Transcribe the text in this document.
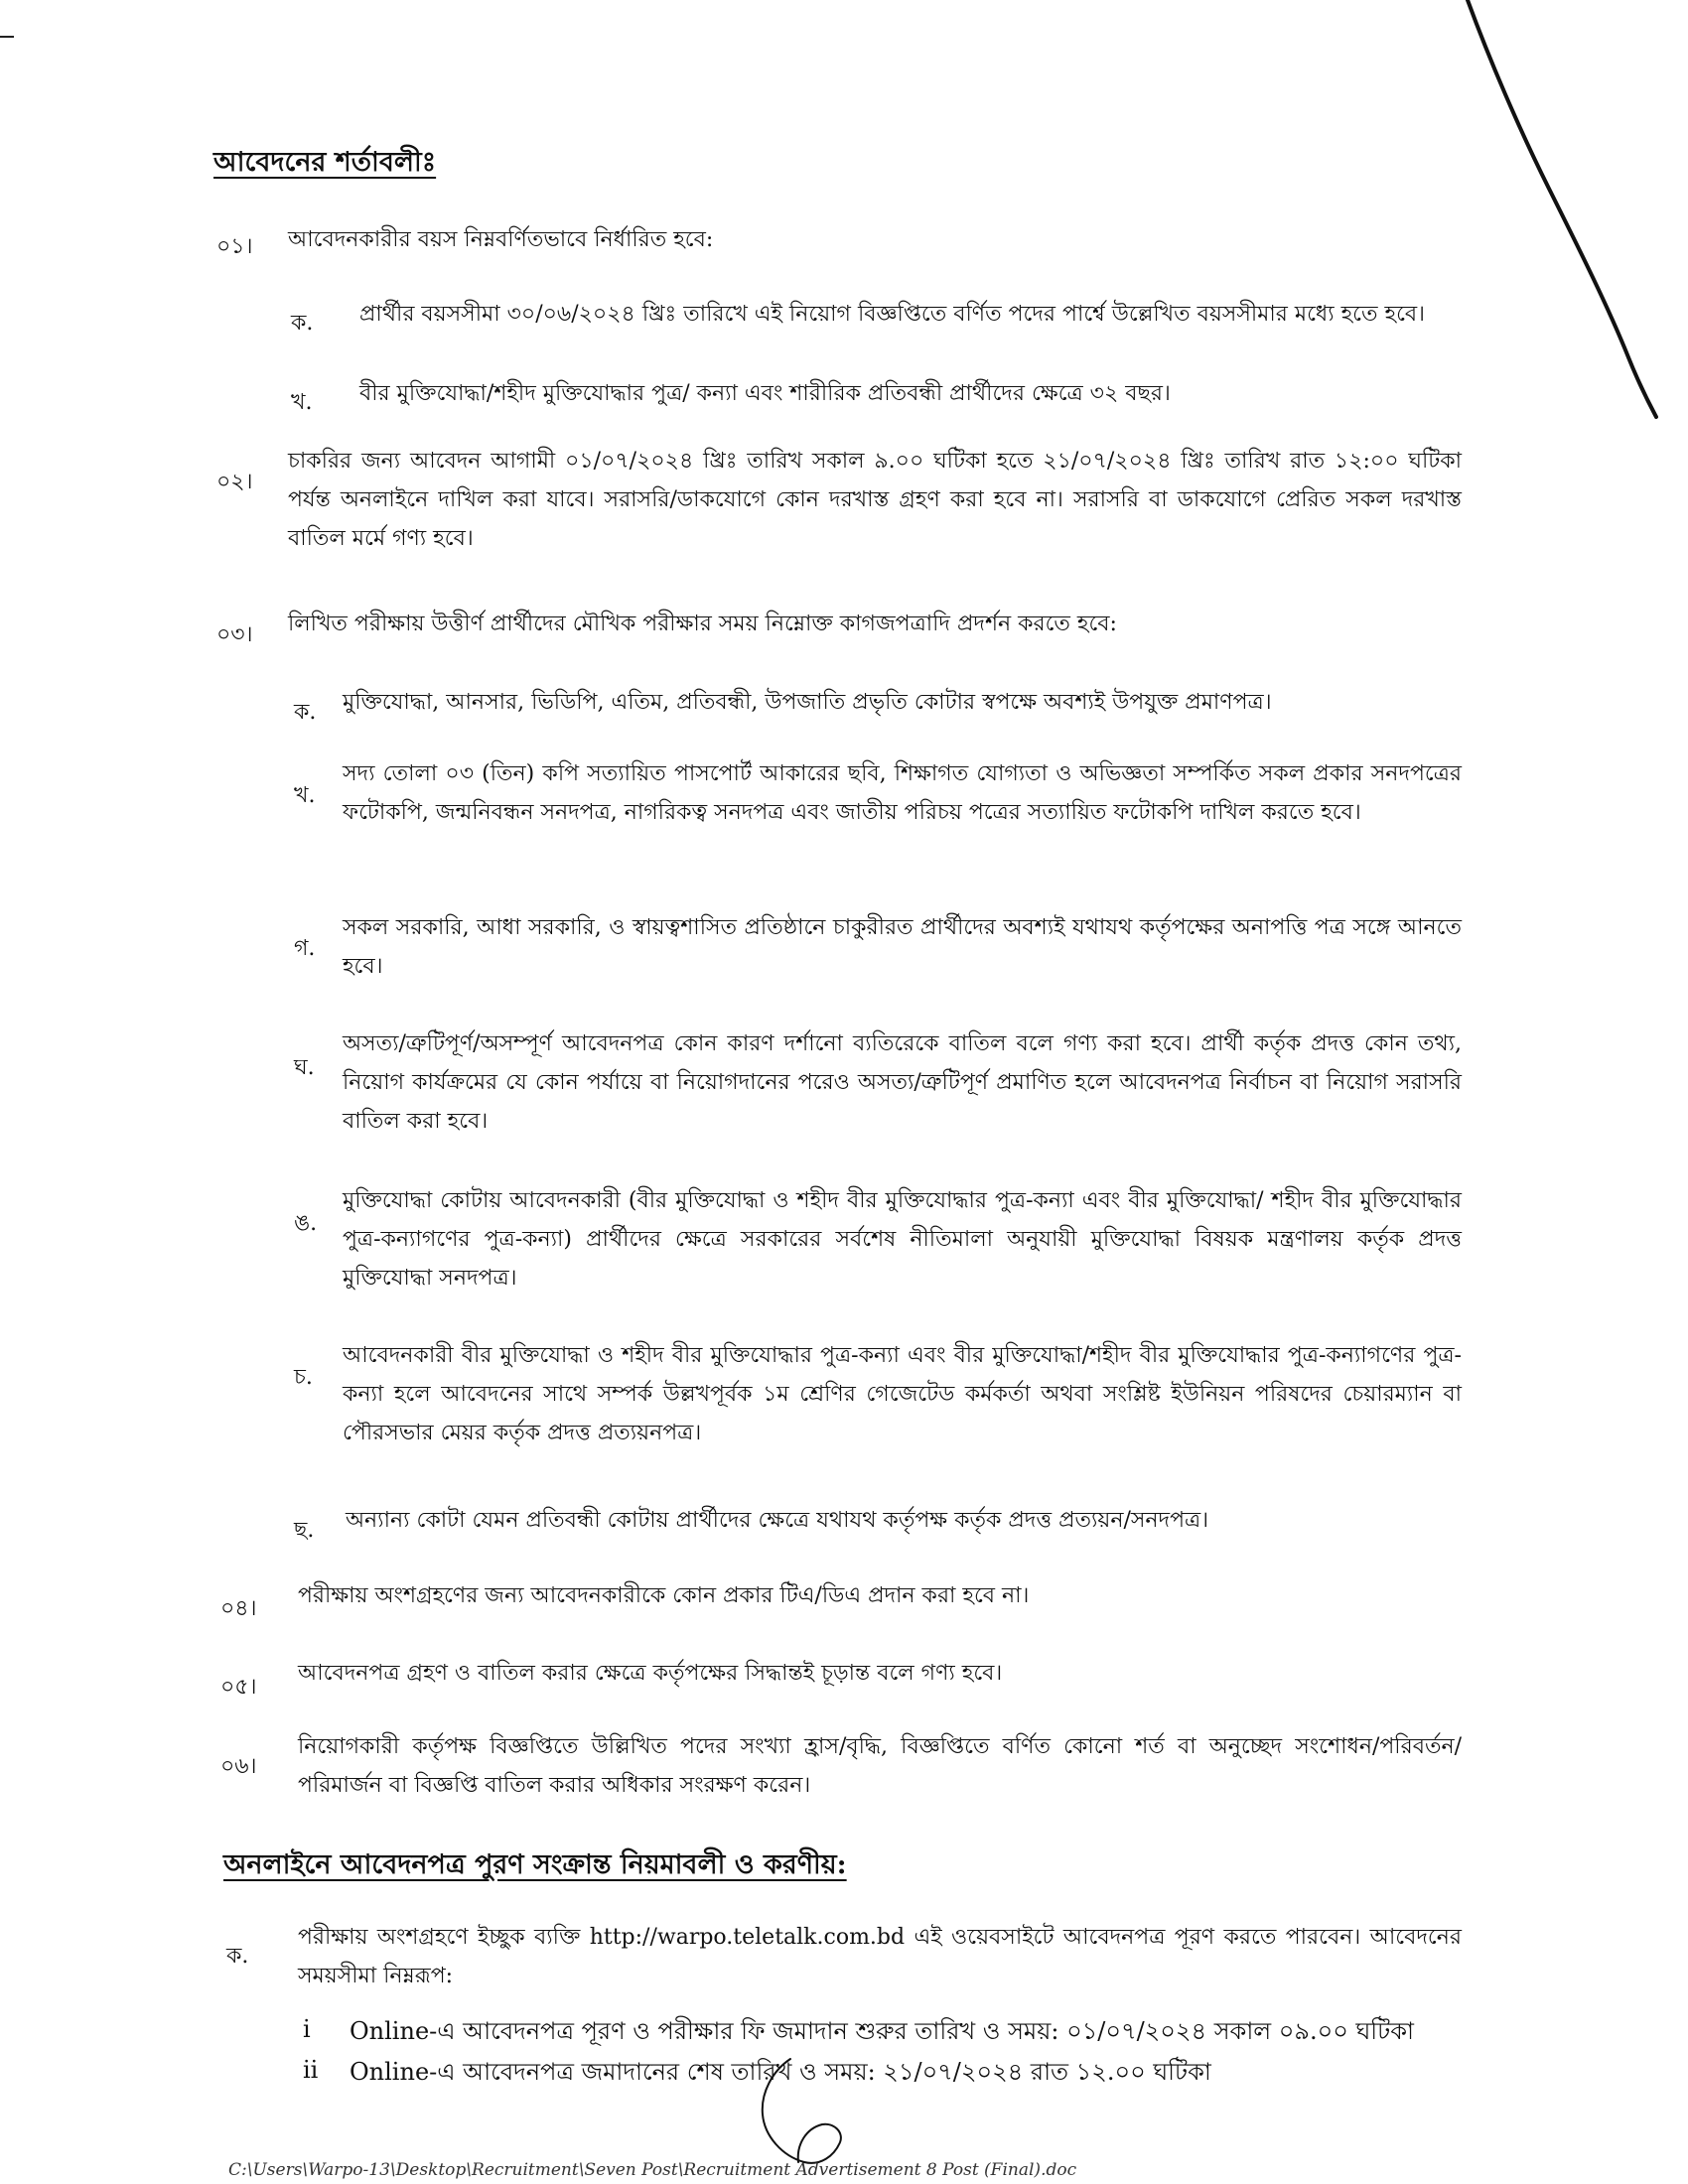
আবেদনের শর্তাবলীঃ
০১। আবেদনকারীর বয়স নিম্নবর্ণিতভাবে নির্ধারিত হবে:
ক. প্রার্থীর বয়সসীমা ৩০/০৬/২০২৪ খ্রিঃ তারিখে এই নিয়োগ বিজ্ঞপ্তিতে বর্ণিত পদের পার্শ্বে উল্লেখিত বয়সসীমার মধ্যে হতে হবে।
খ. বীর মুক্তিযোদ্ধা/শহীদ মুক্তিযোদ্ধার পুত্র/ কন্যা এবং শারীরিক প্রতিবন্ধী প্রার্থীদের ক্ষেত্রে ৩২ বছর।
০২।
চাকরির জন্য আবেদন আগামী ০১/০৭/২০২৪ খ্রিঃ তারিখ সকাল ৯.০০ ঘটিকা হতে ২১/০৭/২০২৪ খ্রিঃ তারিখ রাত ১২:০০ ঘটিকা পর্যন্ত অনলাইনে দাখিল করা যাবে। সরাসরি/ডাকযোগে কোন দরখাস্ত গ্রহণ করা হবে না। সরাসরি বা ডাকযোগে প্রেরিত সকল দরখাস্ত বাতিল মর্মে গণ্য হবে।
০৩। লিখিত পরীক্ষায় উত্তীর্ণ প্রার্থীদের মৌখিক পরীক্ষার সময় নিম্নোক্ত কাগজপত্রাদি প্রদর্শন করতে হবে:
ক. মুক্তিযোদ্ধা, আনসার, ভিডিপি, এতিম, প্রতিবন্ধী, উপজাতি প্রভৃতি কোটার স্বপক্ষে অবশ্যই উপযুক্ত প্রমাণপত্র।
খ.
সদ্য তোলা ০৩ (তিন) কপি সত্যায়িত পাসপোর্ট আকারের ছবি, শিক্ষাগত যোগ্যতা ও অভিজ্ঞতা সম্পর্কিত সকল প্রকার সনদপত্রের ফটোকপি, জন্মনিবন্ধন সনদপত্র, নাগরিকত্ব সনদপত্র এবং জাতীয় পরিচয় পত্রের সত্যায়িত ফটোকপি দাখিল করতে হবে।
গ.
সকল সরকারি, আধা সরকারি, ও স্বায়ত্বশাসিত প্রতিষ্ঠানে চাকুরীরত প্রার্থীদের অবশ্যই যথাযথ কর্তৃপক্ষের অনাপত্তি পত্র সঙ্গে আনতে হবে।
ঘ.
অসত্য/ত্রুটিপূর্ণ/অসম্পূর্ণ আবেদনপত্র কোন কারণ দর্শানো ব্যতিরেকে বাতিল বলে গণ্য করা হবে। প্রার্থী কর্তৃক প্রদত্ত কোন তথ্য, নিয়োগ কার্যক্রমের যে কোন পর্যায়ে বা নিয়োগদানের পরেও অসত্য/ত্রুটিপূর্ণ প্রমাণিত হলে আবেদনপত্র নির্বাচন বা নিয়োগ সরাসরি বাতিল করা হবে।
ঙ.
মুক্তিযোদ্ধা কোটায় আবেদনকারী (বীর মুক্তিযোদ্ধা ও শহীদ বীর মুক্তিযোদ্ধার পুত্র-কন্যা এবং বীর মুক্তিযোদ্ধা/ শহীদ বীর মুক্তিযোদ্ধার পুত্র-কন্যাগণের পুত্র-কন্যা) প্রার্থীদের ক্ষেত্রে সরকারের সর্বশেষ নীতিমালা অনুযায়ী মুক্তিযোদ্ধা বিষয়ক মন্ত্রণালয় কর্তৃক প্রদত্ত মুক্তিযোদ্ধা সনদপত্র।
চ.
আবেদনকারী বীর মুক্তিযোদ্ধা ও শহীদ বীর মুক্তিযোদ্ধার পুত্র-কন্যা এবং বীর মুক্তিযোদ্ধা/শহীদ বীর মুক্তিযোদ্ধার পুত্র-কন্যাগণের পুত্র-কন্যা হলে আবেদনের সাথে সম্পর্ক উল্লখপূর্বক ১ম শ্রেণির গেজেটেড কর্মকর্তা অথবা সংশ্লিষ্ট ইউনিয়ন পরিষদের চেয়ারম্যান বা পৌরসভার মেয়র কর্তৃক প্রদত্ত প্রত্যয়নপত্র।
ছ. অন্যান্য কোটা যেমন প্রতিবন্ধী কোটায় প্রার্থীদের ক্ষেত্রে যথাযথ কর্তৃপক্ষ কর্তৃক প্রদত্ত প্রত্যয়ন/সনদপত্র।
০৪।
পরীক্ষায় অংশগ্রহণের জন্য আবেদনকারীকে কোন প্রকার টিএ/ডিএ প্রদান করা হবে না।
০৫।
আবেদনপত্র গ্রহণ ও বাতিল করার ক্ষেত্রে কর্তৃপক্ষের সিদ্ধান্তই চূড়ান্ত বলে গণ্য হবে।
০৬।
নিয়োগকারী কর্তৃপক্ষ বিজ্ঞপ্তিতে উল্লিখিত পদের সংখ্যা হ্রাস/বৃদ্ধি, বিজ্ঞপ্তিতে বর্ণিত কোনো শর্ত বা অনুচ্ছেদ সংশোধন/পরিবর্তন/পরিমার্জন বা বিজ্ঞপ্তি বাতিল করার অধিকার সংরক্ষণ করেন।
অনলাইনে আবেদনপত্র পুরণ সংক্রান্ত নিয়মাবলী ও করণীয়:
ক.
পরীক্ষায় অংশগ্রহণে ইচ্ছুক ব্যক্তি http://warpo.teletalk.com.bd এই ওয়েবসাইটে আবেদনপত্র পূরণ করতে পারবেন। আবেদনের সময়সীমা নিম্নরূপ:
i Online-এ আবেদনপত্র পূরণ ও পরীক্ষার ফি জমাদান শুরুর তারিখ ও সময়: ০১/০৭/২০২৪ সকাল ০৯.০০ ঘটিকা
ii Online-এ আবেদনপত্র জমাদানের শেষ তারিখ ও সময়: ২১/০৭/২০২৪ রাত ১২.০০ ঘটিকা
C:\Users\Warpo-13\Desktop\Recruitment\Seven Post\Recruitment Advertisement 8 Post (Final).doc
